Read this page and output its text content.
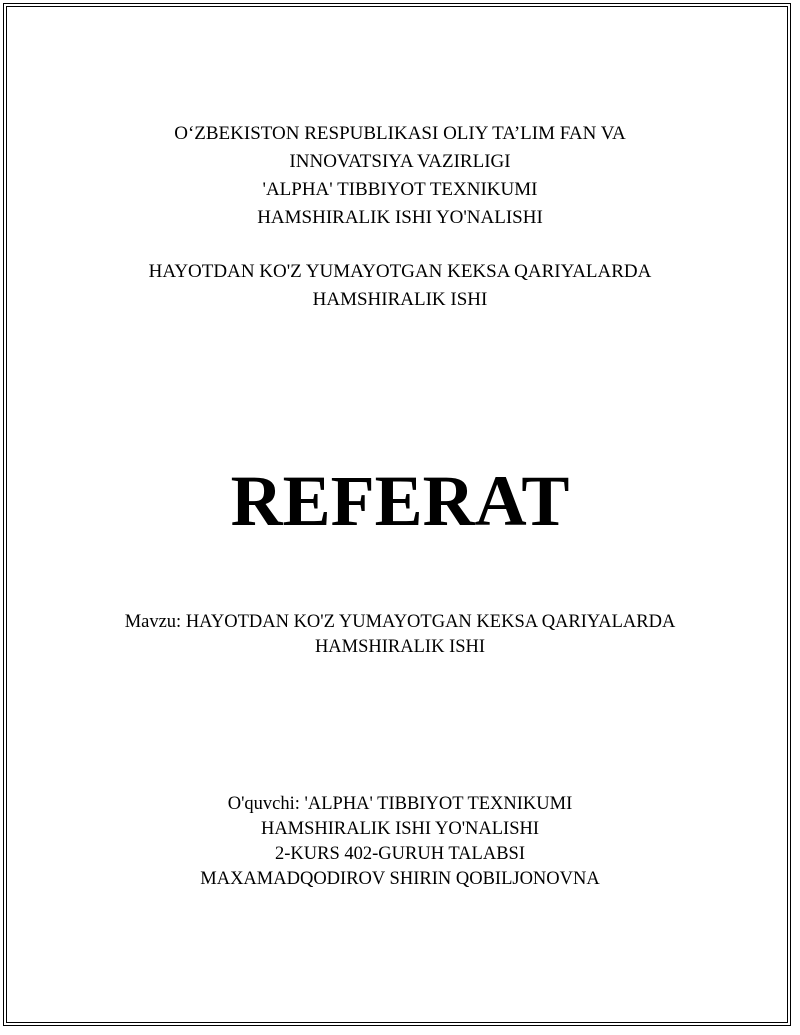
O‘ZBEKISTON RESPUBLIKASI OLIY TA’LIM FAN VA
INNOVATSIYA VAZIRLIGI
'ALPHA' TIBBIYOT TEXNIKUMI
HAMSHIRALIK ISHI YO'NALISHI
HAYOTDAN KO'Z YUMAYOTGAN KEKSA QARIYALARDA
HAMSHIRALIK ISHI
REFERAT
Mavzu: HAYOTDAN KO'Z YUMAYOTGAN KEKSA QARIYALARDA
HAMSHIRALIK ISHI
O'quvchi: 'ALPHA' TIBBIYOT TEXNIKUMI
HAMSHIRALIK ISHI YO'NALISHI
2-KURS 402-GURUH TALABSI
MAXAMADQODIROV SHIRIN QOBILJONOVNA
